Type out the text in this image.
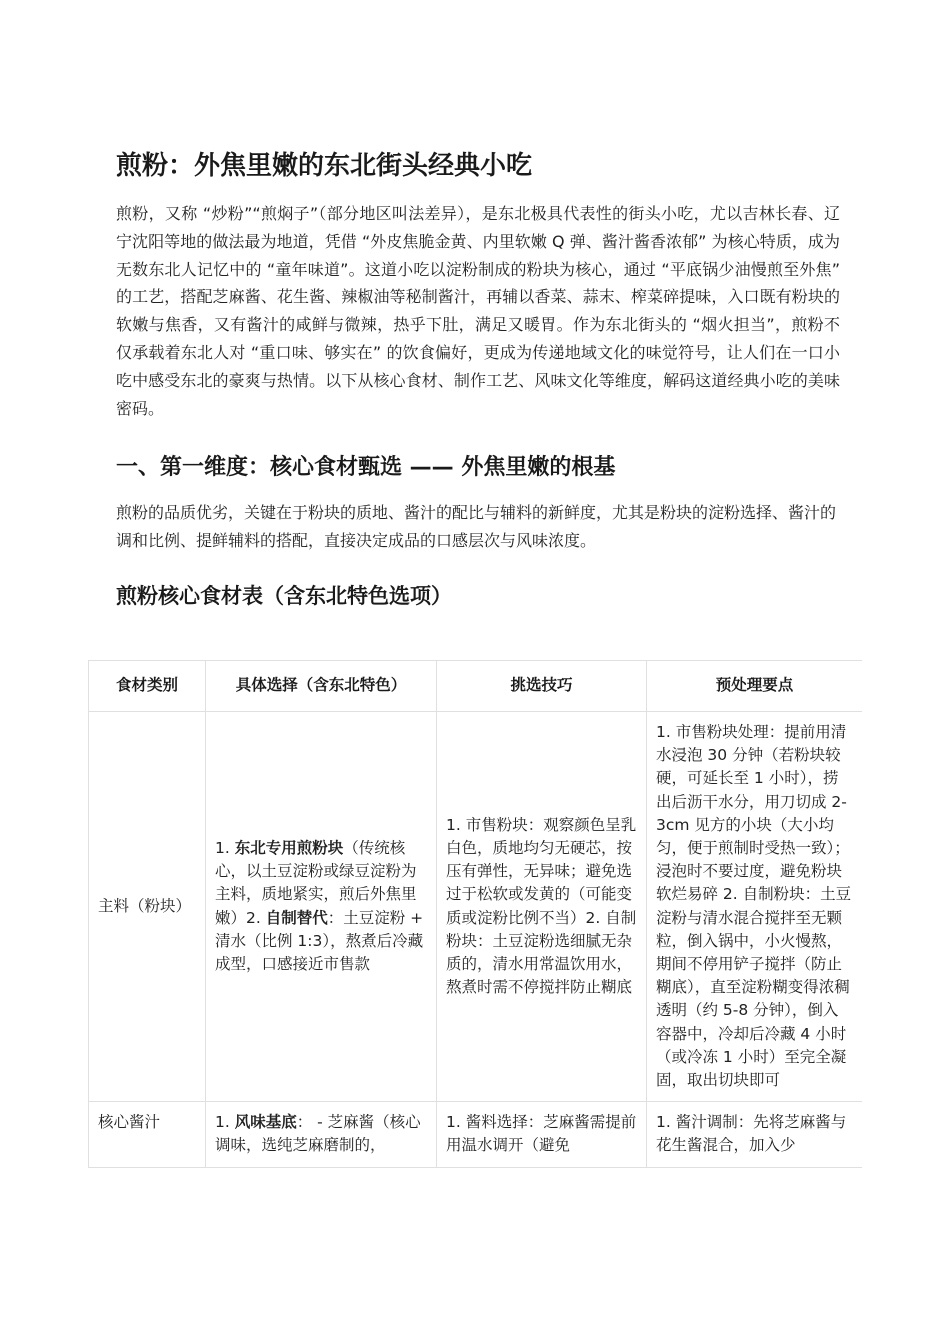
煎粉：外焦里嫩的东北街头经典小吃

煎粉，又称 “炒粉”“煎焖子”（部分地区叫法差异），是东北极具代表性的街头小吃，尤以吉林长春、辽宁沈阳等地的做法最为地道，凭借 “外皮焦脆金黄、内里软嫩 Q 弹、酱汁酱香浓郁” 为核心特质，成为无数东北人记忆中的 “童年味道”。这道小吃以淀粉制成的粉块为核心，通过 “平底锅少油慢煎至外焦” 的工艺，搭配芝麻酱、花生酱、辣椒油等秘制酱汁，再辅以香菜、蒜末、榨菜碎提味，入口既有粉块的软嫩与焦香，又有酱汁的咸鲜与微辣，热乎下肚，满足又暖胃。作为东北街头的 “烟火担当”，煎粉不仅承载着东北人对 “重口味、够实在” 的饮食偏好，更成为传递地域文化的味觉符号，让人们在一口小吃中感受东北的豪爽与热情。以下从核心食材、制作工艺、风味文化等维度，解码这道经典小吃的美味密码。

一、第一维度：核心食材甄选 —— 外焦里嫩的根基

煎粉的品质优劣，关键在于粉块的质地、酱汁的配比与辅料的新鲜度，尤其是粉块的淀粉选择、酱汁的调和比例、提鲜辅料的搭配，直接决定成品的口感层次与风味浓度。

煎粉核心食材表（含东北特色选项）
食材类别	具体选择（含东北特色）	挑选技巧	预处理要点
主料（粉块）	1. 东北专用煎粉块（传统核心，以土豆淀粉或绿豆淀粉为主料，质地紧实，煎后外焦里嫩）2. 自制替代：土豆淀粉 + 清水（比例 1:3），熬煮后冷藏成型，口感接近市售款	1. 市售粉块：观察颜色呈乳白色，质地均匀无硬芯，按压有弹性，无异味；避免选过于松软或发黄的（可能变质或淀粉比例不当）2. 自制粉块：土豆淀粉选细腻无杂质的，清水用常温饮用水，熬煮时需不停搅拌防止糊底	1. 市售粉块处理：提前用清水浸泡 30 分钟（若粉块较硬，可延长至 1 小时），捞出后沥干水分，用刀切成 2-3cm 见方的小块（大小均匀，便于煎制时受热一致）；浸泡时不要过度，避免粉块软烂易碎 2. 自制粉块：土豆淀粉与清水混合搅拌至无颗粒，倒入锅中，小火慢熬，期间不停用铲子搅拌（防止糊底），直至淀粉糊变得浓稠透明（约 5-8 分钟），倒入容器中，冷却后冷藏 4 小时（或冷冻 1 小时）至完全凝固，取出切块即可
核心酱汁	1. 风味基底： - 芝麻酱（核心调味，选纯芝麻磨制的，	1. 酱料选择：芝麻酱需提前用温水调开（避免	1. 酱汁调制：先将芝麻酱与花生酱混合，加入少
